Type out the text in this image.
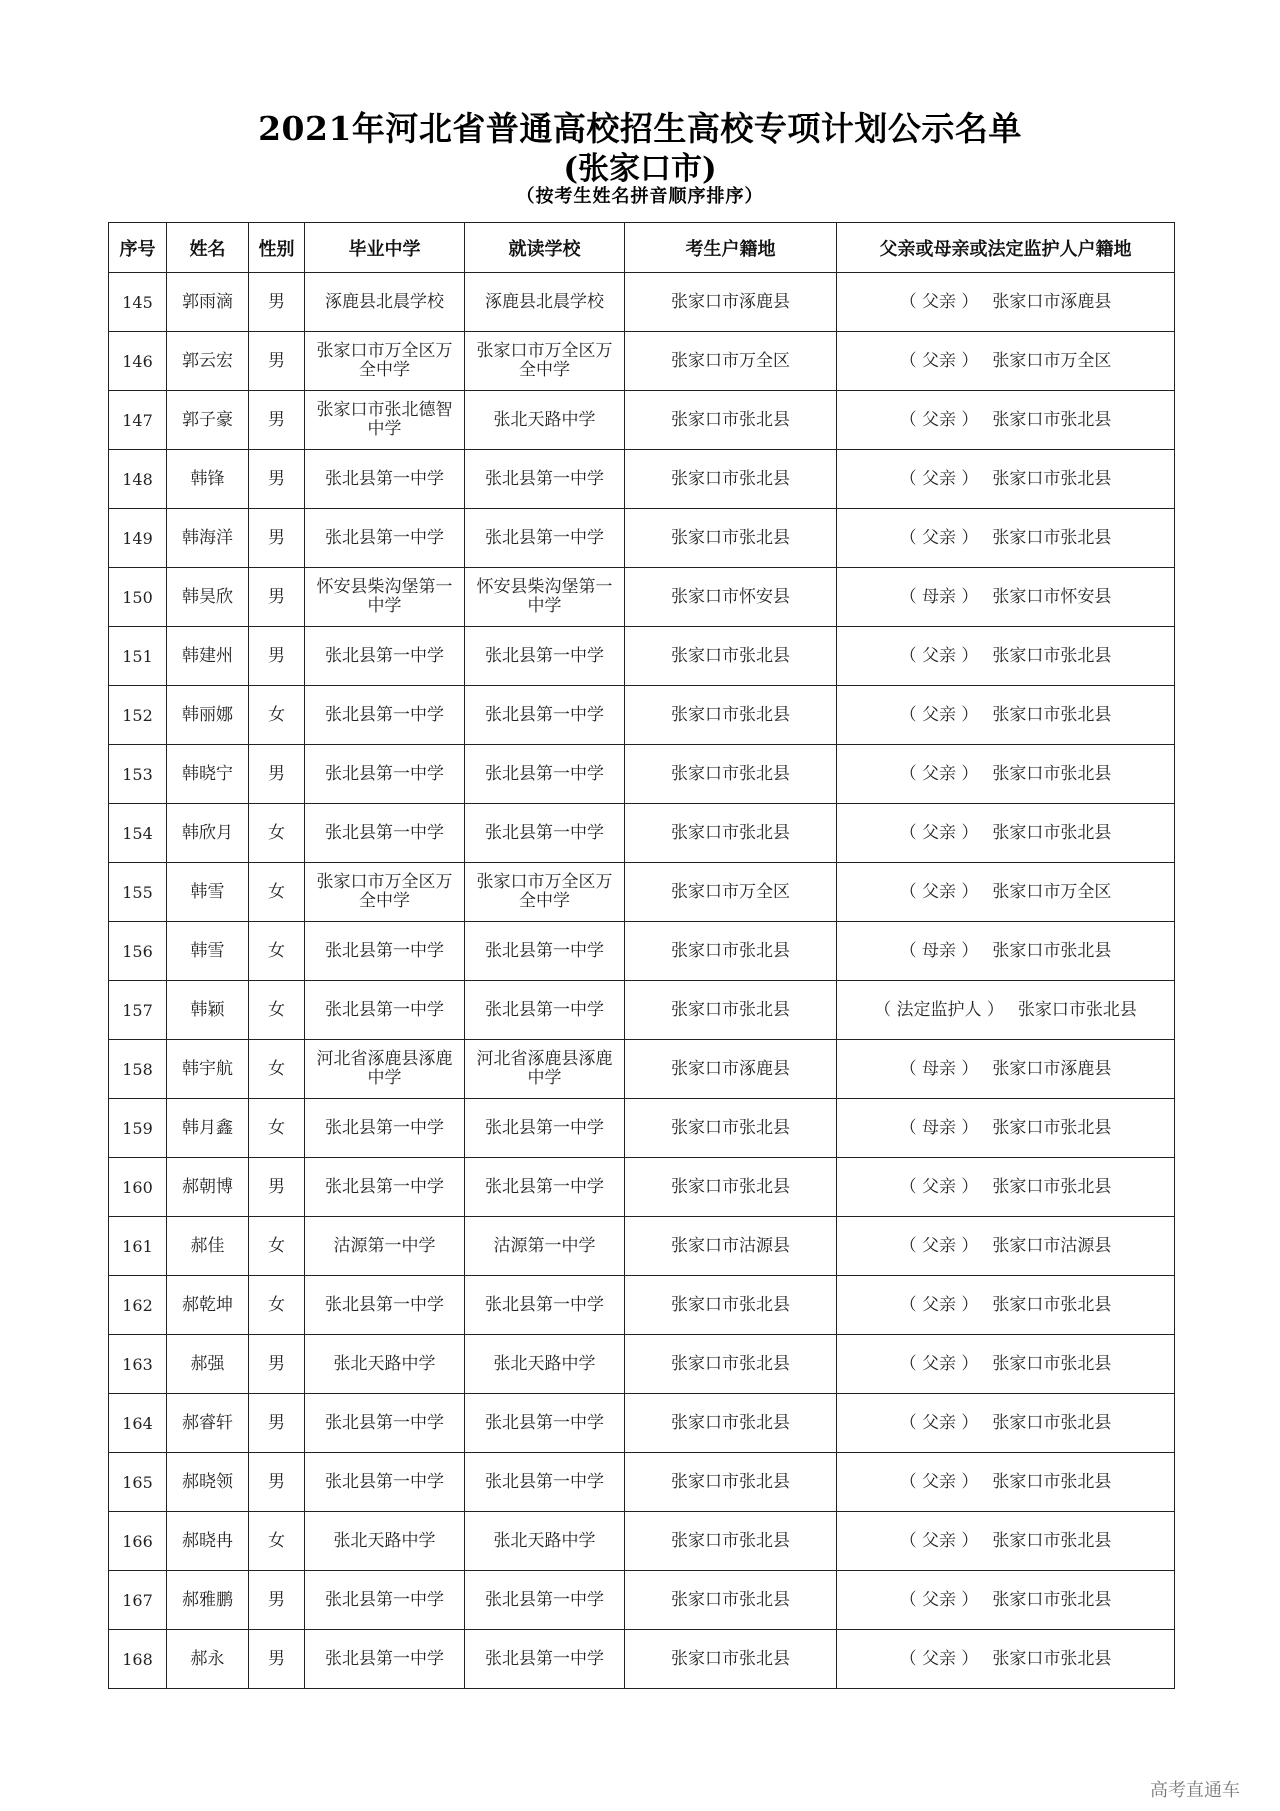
2021年河北省普通高校招生高校专项计划公示名单
(张家口市)
（按考生姓名拼音顺序排序）
序号	姓名	性别	毕业中学	就读学校	考生户籍地	父亲或母亲或法定监护人户籍地
145	郭雨滴	男	涿鹿县北晨学校	涿鹿县北晨学校	张家口市涿鹿县	（ 父亲 ） 张家口市涿鹿县
146	郭云宏	男	张家口市万全区万全中学	张家口市万全区万全中学	张家口市万全区	（ 父亲 ） 张家口市万全区
147	郭子豪	男	张家口市张北德智中学	张北天路中学	张家口市张北县	（ 父亲 ） 张家口市张北县
148	韩锋	男	张北县第一中学	张北县第一中学	张家口市张北县	（ 父亲 ） 张家口市张北县
149	韩海洋	男	张北县第一中学	张北县第一中学	张家口市张北县	（ 父亲 ） 张家口市张北县
150	韩昊欣	男	怀安县柴沟堡第一中学	怀安县柴沟堡第一中学	张家口市怀安县	（ 母亲 ） 张家口市怀安县
151	韩建州	男	张北县第一中学	张北县第一中学	张家口市张北县	（ 父亲 ） 张家口市张北县
152	韩丽娜	女	张北县第一中学	张北县第一中学	张家口市张北县	（ 父亲 ） 张家口市张北县
153	韩晓宁	男	张北县第一中学	张北县第一中学	张家口市张北县	（ 父亲 ） 张家口市张北县
154	韩欣月	女	张北县第一中学	张北县第一中学	张家口市张北县	（ 父亲 ） 张家口市张北县
155	韩雪	女	张家口市万全区万全中学	张家口市万全区万全中学	张家口市万全区	（ 父亲 ） 张家口市万全区
156	韩雪	女	张北县第一中学	张北县第一中学	张家口市张北县	（ 母亲 ） 张家口市张北县
157	韩颖	女	张北县第一中学	张北县第一中学	张家口市张北县	（ 法定监护人 ） 张家口市张北县
158	韩宇航	女	河北省涿鹿县涿鹿中学	河北省涿鹿县涿鹿中学	张家口市涿鹿县	（ 母亲 ） 张家口市涿鹿县
159	韩月鑫	女	张北县第一中学	张北县第一中学	张家口市张北县	（ 母亲 ） 张家口市张北县
160	郝朝博	男	张北县第一中学	张北县第一中学	张家口市张北县	（ 父亲 ） 张家口市张北县
161	郝佳	女	沽源第一中学	沽源第一中学	张家口市沽源县	（ 父亲 ） 张家口市沽源县
162	郝乾坤	女	张北县第一中学	张北县第一中学	张家口市张北县	（ 父亲 ） 张家口市张北县
163	郝强	男	张北天路中学	张北天路中学	张家口市张北县	（ 父亲 ） 张家口市张北县
164	郝睿轩	男	张北县第一中学	张北县第一中学	张家口市张北县	（ 父亲 ） 张家口市张北县
165	郝晓领	男	张北县第一中学	张北县第一中学	张家口市张北县	（ 父亲 ） 张家口市张北县
166	郝晓冉	女	张北天路中学	张北天路中学	张家口市张北县	（ 父亲 ） 张家口市张北县
167	郝雅鹏	男	张北县第一中学	张北县第一中学	张家口市张北县	（ 父亲 ） 张家口市张北县
168	郝永	男	张北县第一中学	张北县第一中学	张家口市张北县	（ 父亲 ） 张家口市张北县
高考直通车
